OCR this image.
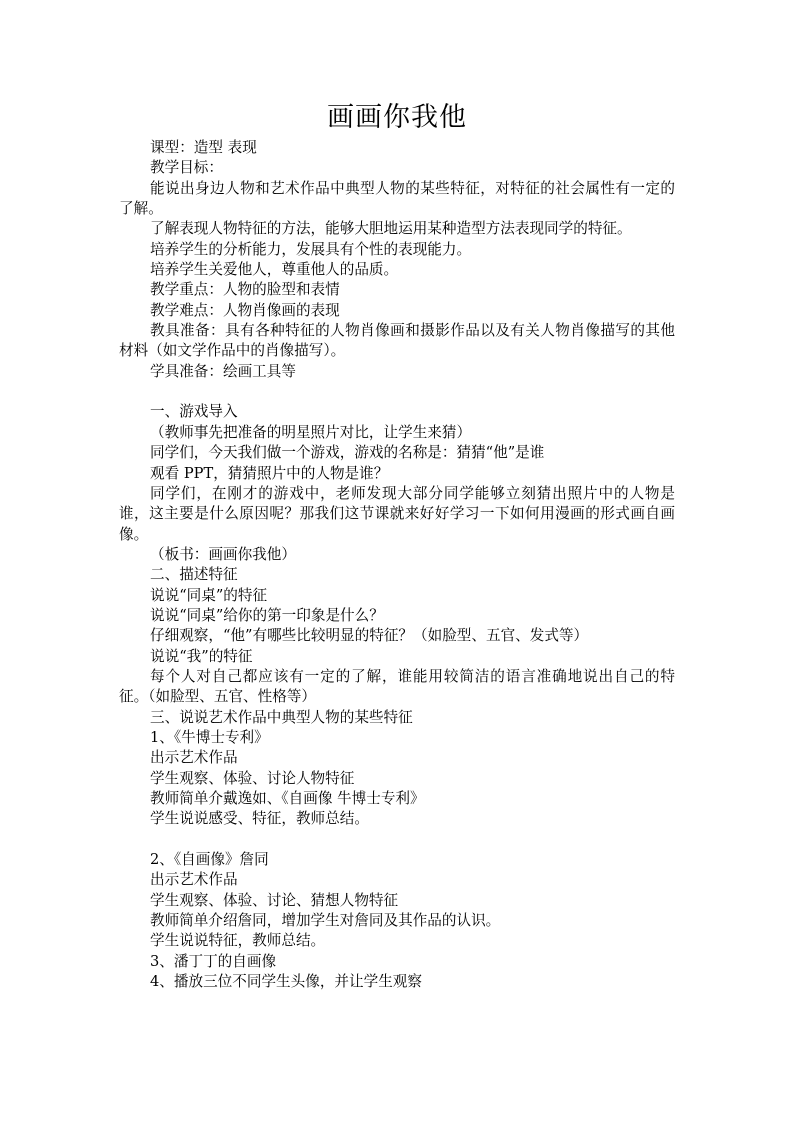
画画你我他

课型：造型 表现

教学目标：

能说出身边人物和艺术作品中典型人物的某些特征，对特征的社会属性有一定的了解。

了解表现人物特征的方法，能够大胆地运用某种造型方法表现同学的特征。

培养学生的分析能力，发展具有个性的表现能力。

培养学生关爱他人，尊重他人的品质。

教学重点：人物的脸型和表情

教学难点：人物肖像画的表现

教具准备：具有各种特征的人物肖像画和摄影作品以及有关人物肖像描写的其他材料（如文学作品中的肖像描写）。

学具准备：绘画工具等

一、游戏导入

（教师事先把准备的明星照片对比，让学生来猜）

同学们，今天我们做一个游戏，游戏的名称是：猜猜“他”是谁

观看 PPT，猜猜照片中的人物是谁？

同学们，在刚才的游戏中，老师发现大部分同学能够立刻猜出照片中的人物是谁，这主要是什么原因呢？那我们这节课就来好好学习一下如何用漫画的形式画自画像。

（板书：画画你我他）

二、描述特征

说说“同桌”的特征

说说“同桌”给你的第一印象是什么？

仔细观察，“他”有哪些比较明显的特征？（如脸型、五官、发式等）

说说“我”的特征

每个人对自己都应该有一定的了解，谁能用较简洁的语言准确地说出自己的特征。（如脸型、五官、性格等）

三、说说艺术作品中典型人物的某些特征

1、《牛博士专利》

出示艺术作品

学生观察、体验、讨论人物特征

教师简单介戴逸如、《自画像 牛博士专利》

学生说说感受、特征，教师总结。

2、《自画像》詹同

出示艺术作品

学生观察、体验、讨论、猜想人物特征

教师简单介绍詹同，增加学生对詹同及其作品的认识。

学生说说特征，教师总结。

3、潘丁丁的自画像

4、播放三位不同学生头像，并让学生观察
